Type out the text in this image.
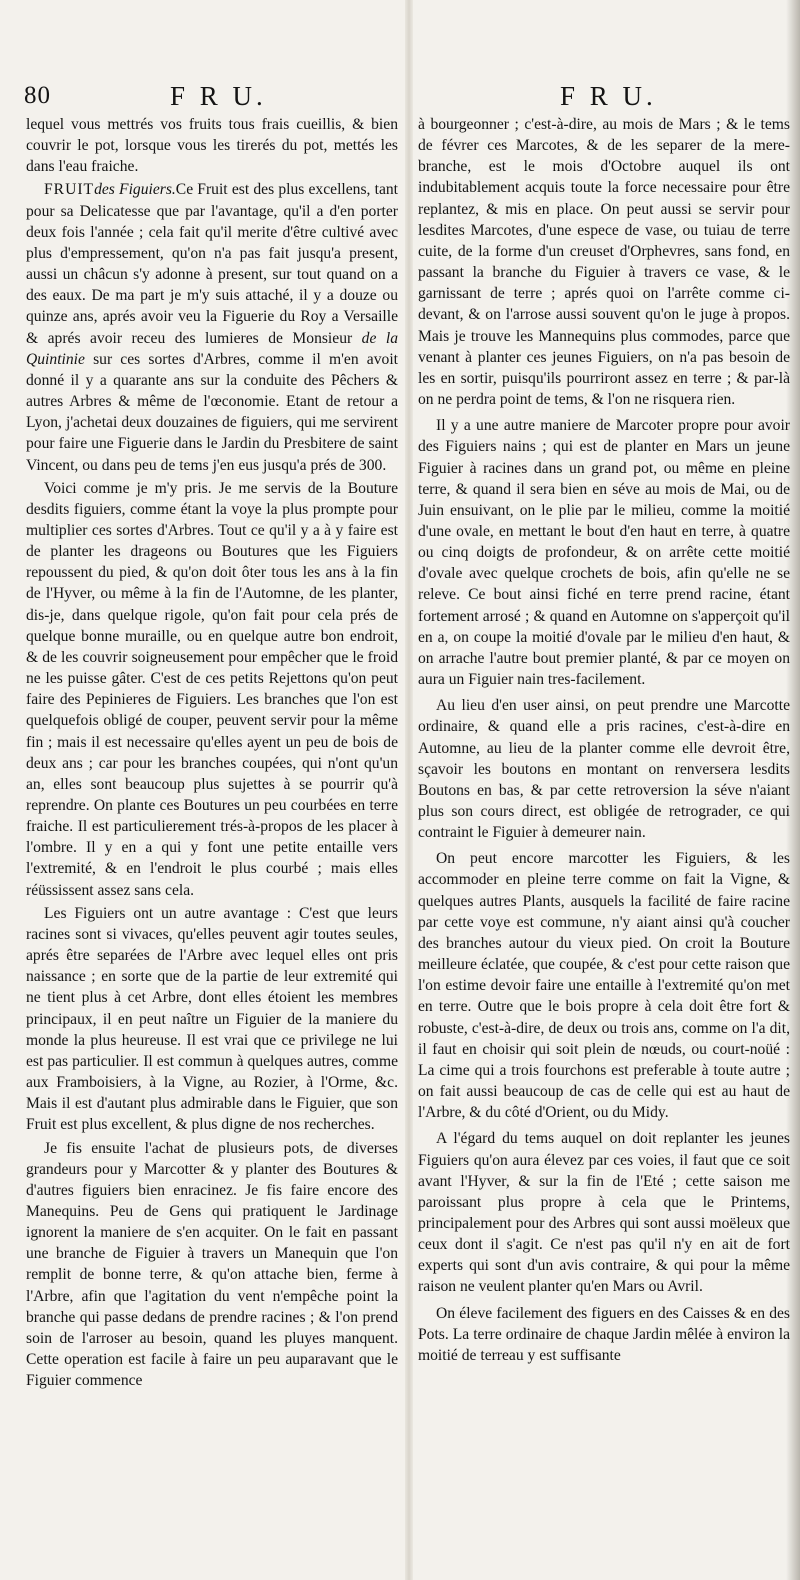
80	F R U.	F R U.

lequel vous mettrés vos fruits tous frais cueillis, & bien couvrir le pot, lorsque vous les tirerés du pot, mettés les dans l'eau fraiche.

FRUITdes Figuiers.Ce Fruit est des plus excellens, tant pour sa Delicatesse que par l'avantage, qu'il a d'en porter deux fois l'année ; cela fait qu'il merite d'être cultivé avec plus d'empressement, qu'on n'a pas fait jusqu'a present, aussi un châcun s'y adonne à present, sur tout quand on a des eaux. De ma part je m'y suis attaché, il y a douze ou quinze ans, aprés avoir veu la Figuerie du Roy a Versaille & aprés avoir receu des lumieres de Monsieur de la Quintinie sur ces sortes d'Arbres, comme il m'en avoit donné il y a quarante ans sur la conduite des Pêchers & autres Arbres & même de l'œconomie. Etant de retour a Lyon, j'achetai deux douzaines de figuiers, qui me servirent pour faire une Figuerie dans le Jardin du Presbitere de saint Vincent, ou dans peu de tems j'en eus jusqu'a prés de 300.

Voici comme je m'y pris. Je me servis de la Bouture desdits figuiers, comme étant la voye la plus prompte pour multiplier ces sortes d'Arbres. Tout ce qu'il y a à y faire est de planter les drageons ou Boutures que les Figuiers repoussent du pied, & qu'on doit ôter tous les ans à la fin de l'Hyver, ou même à la fin de l'Automne, de les planter, dis-je, dans quelque rigole, qu'on fait pour cela prés de quelque bonne muraille, ou en quelque autre bon endroit, & de les couvrir soigneusement pour empêcher que le froid ne les puisse gâter. C'est de ces petits Rejettons qu'on peut faire des Pepinieres de Figuiers. Les branches que l'on est quelquefois obligé de couper, peuvent servir pour la même fin ; mais il est necessaire qu'elles ayent un peu de bois de deux ans ; car pour les branches coupées, qui n'ont qu'un an, elles sont beaucoup plus sujettes à se pourrir qu'à reprendre. On plante ces Boutures un peu courbées en terre fraiche. Il est particulierement trés-à-propos de les placer à l'ombre. Il y en a qui y font une petite entaille vers l'extremité, & en l'endroit le plus courbé ; mais elles réüssissent assez sans cela.

Les Figuiers ont un autre avantage : C'est que leurs racines sont si vivaces, qu'elles peuvent agir toutes seules, aprés être separées de l'Arbre avec lequel elles ont pris naissance ; en sorte que de la partie de leur extremité qui ne tient plus à cet Arbre, dont elles étoient les membres principaux, il en peut naître un Figuier de la maniere du monde la plus heureuse. Il est vrai que ce privilege ne lui est pas particulier. Il est commun à quelques autres, comme aux Framboisiers, à la Vigne, au Rozier, à l'Orme, &c. Mais il est d'autant plus admirable dans le Figuier, que son Fruit est plus excellent, & plus digne de nos recherches.

Je fis ensuite l'achat de plusieurs pots, de diverses grandeurs pour y Marcotter & y planter des Boutures & d'autres figuiers bien enracinez. Je fis faire encore des Manequins. Peu de Gens qui pratiquent le Jardinage ignorent la maniere de s'en acquiter. On le fait en passant une branche de Figuier à travers un Manequin que l'on remplit de bonne terre, & qu'on attache bien, ferme à l'Arbre, afin que l'agitation du vent n'empêche point la branche qui passe dedans de prendre racines ; & l'on prend soin de l'arroser au besoin, quand les pluyes manquent. Cette operation est facile à faire un peu auparavant que le Figuier commence

à bourgeonner ; c'est-à-dire, au mois de Mars ; & le tems de févrer ces Marcotes, & de les separer de la mere-branche, est le mois d'Octobre auquel ils ont indubitablement acquis toute la force necessaire pour être replantez, & mis en place. On peut aussi se servir pour lesdites Marcotes, d'une espece de vase, ou tuiau de terre cuite, de la forme d'un creuset d'Orphevres, sans fond, en passant la branche du Figuier à travers ce vase, & le garnissant de terre ; aprés quoi on l'arrête comme ci-devant, & on l'arrose aussi souvent qu'on le juge à propos. Mais je trouve les Mannequins plus commodes, parce que venant à planter ces jeunes Figuiers, on n'a pas besoin de les en sortir, puisqu'ils pourriront assez en terre ; & par-là on ne perdra point de tems, & l'on ne risquera rien.

Il y a une autre maniere de Marcoter propre pour avoir des Figuiers nains ; qui est de planter en Mars un jeune Figuier à racines dans un grand pot, ou même en pleine terre, & quand il sera bien en séve au mois de Mai, ou de Juin ensuivant, on le plie par le milieu, comme la moitié d'une ovale, en mettant le bout d'en haut en terre, à quatre ou cinq doigts de profondeur, & on arrête cette moitié d'ovale avec quelque crochets de bois, afin qu'elle ne se releve. Ce bout ainsi fiché en terre prend racine, étant fortement arrosé ; & quand en Automne on s'apperçoit qu'il en a, on coupe la moitié d'ovale par le milieu d'en haut, & on arrache l'autre bout premier planté, & par ce moyen on aura un Figuier nain tres-facilement.

Au lieu d'en user ainsi, on peut prendre une Marcotte ordinaire, & quand elle a pris racines, c'est-à-dire en Automne, au lieu de la planter comme elle devroit être, sçavoir les boutons en montant on renversera lesdits Boutons en bas, & par cette retroversion la séve n'aiant plus son cours direct, est obligée de retrograder, ce qui contraint le Figuier à demeurer nain.

On peut encore marcotter les Figuiers, & les accommoder en pleine terre comme on fait la Vigne, & quelques autres Plants, ausquels la facilité de faire racine par cette voye est commune, n'y aiant ainsi qu'à coucher des branches autour du vieux pied. On croit la Bouture meilleure éclatée, que coupée, & c'est pour cette raison que l'on estime devoir faire une entaille à l'extremité qu'on met en terre. Outre que le bois propre à cela doit être fort & robuste, c'est-à-dire, de deux ou trois ans, comme on l'a dit, il faut en choisir qui soit plein de nœuds, ou court-noüé : La cime qui a trois fourchons est preferable à toute autre ; on fait aussi beaucoup de cas de celle qui est au haut de l'Arbre, & du côté d'Orient, ou du Midy.

A l'égard du tems auquel on doit replanter les jeunes Figuiers qu'on aura élevez par ces voies, il faut que ce soit avant l'Hyver, & sur la fin de l'Eté ; cette saison me paroissant plus propre à cela que le Printems, principalement pour des Arbres qui sont aussi moëleux que ceux dont il s'agit. Ce n'est pas qu'il n'y en ait de fort experts qui sont d'un avis contraire, & qui pour la même raison ne veulent planter qu'en Mars ou Avril.

On éleve facilement des figuers en des Caisses & en des Pots. La terre ordinaire de chaque Jardin mêlée à environ la moitié de terreau y est suffisante
